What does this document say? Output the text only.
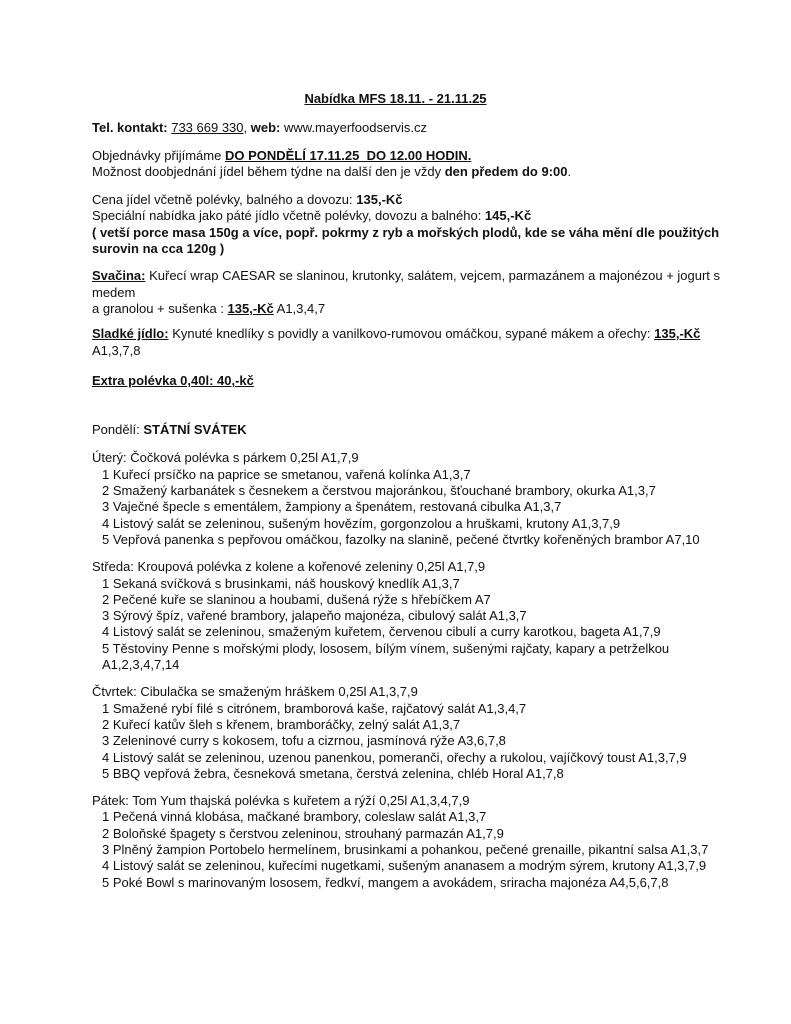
Nabídka MFS 18.11. - 21.11.25

Tel. kontakt: 733 669 330, web: www.mayerfoodservis.cz

Objednávky přijímáme DO PONDĚLÍ 17.11.25  DO 12.00 HODIN.

Možnost doobjednání jídel během týdne na další den je vždy den předem do 9:00.

Cena jídel včetně polévky, balného a dovozu: 135,-Kč

Speciální nabídka jako páté jídlo včetně polévky, dovozu a balného: 145,-Kč

( vetší porce masa 150g a více, popř. pokrmy z ryb a mořských plodů, kde se váha mění dle použitých

surovin na cca 120g )

Svačina: Kuřecí wrap CAESAR se slaninou, krutonky, salátem, vejcem, parmazánem a majonézou + jogurt s medem

a granolou + sušenka : 135,-Kč A1,3,4,7

Sladké jídlo: Kynuté knedlíky s povidly a vanilkovo-rumovou omáčkou, sypané mákem a ořechy: 135,-Kč A1,3,7,8

Extra polévka 0,40l: 40,-kč

Pondělí: STÁTNÍ SVÁTEK

Úterý: Čočková polévka s párkem 0,25l A1,7,9

1 Kuřecí prsíčko na paprice se smetanou, vařená kolínka A1,3,7

2 Smažený karbanátek s česnekem a čerstvou majoránkou, šťouchané brambory, okurka A1,3,7

3 Vaječné špecle s ementálem, žampiony a špenátem, restovaná cibulka A1,3,7

4 Listový salát se zeleninou, sušeným hovězím, gorgonzolou a hruškami, krutony A1,3,7,9

5 Vepřová panenka s pepřovou omáčkou, fazolky na slanině, pečené čtvrtky kořeněných brambor A7,10

Středa: Kroupová polévka z kolene a kořenové zeleniny 0,25l A1,7,9

1 Sekaná svíčková s brusinkami, náš houskový knedlík A1,3,7

2 Pečené kuře se slaninou a houbami, dušená rýže s hřebíčkem A7

3 Sýrový špíz, vařené brambory, jalapeňo majonéza, cibulový salát A1,3,7

4 Listový salát se zeleninou, smaženým kuřetem, červenou cibulí a curry karotkou, bageta A1,7,9

5 Těstoviny Penne s mořskými plody, lososem, bílým vínem, sušenými rajčaty, kapary a petrželkou A1,2,3,4,7,14

Čtvrtek: Cibulačka se smaženým hráškem 0,25l A1,3,7,9

1 Smažené rybí filé s citrónem, bramborová kaše, rajčatový salát A1,3,4,7

2 Kuřecí katův šleh s křenem, bramboráčky, zelný salát A1,3,7

3 Zeleninové curry s kokosem, tofu a cizrnou, jasmínová rýže A3,6,7,8

4 Listový salát se zeleninou, uzenou panenkou, pomeranči, ořechy a rukolou, vajíčkový toust A1,3,7,9

5 BBQ vepřová žebra, česneková smetana, čerstvá zelenina, chléb Horal A1,7,8

Pátek: Tom Yum thajská polévka s kuřetem a rýží 0,25l A1,3,4,7,9

1 Pečená vinná klobása, mačkané brambory, coleslaw salát A1,3,7

2 Boloňské špagety s čerstvou zeleninou, strouhaný parmazán A1,7,9

3 Plněný žampion Portobelo hermelínem, brusinkami a pohankou, pečené grenaille, pikantní salsa A1,3,7

4 Listový salát se zeleninou, kuřecími nugetkami, sušeným ananasem a modrým sýrem, krutony A1,3,7,9

5 Poké Bowl s marinovaným lososem, ředkví, mangem a avokádem, sriracha majonéza A4,5,6,7,8
